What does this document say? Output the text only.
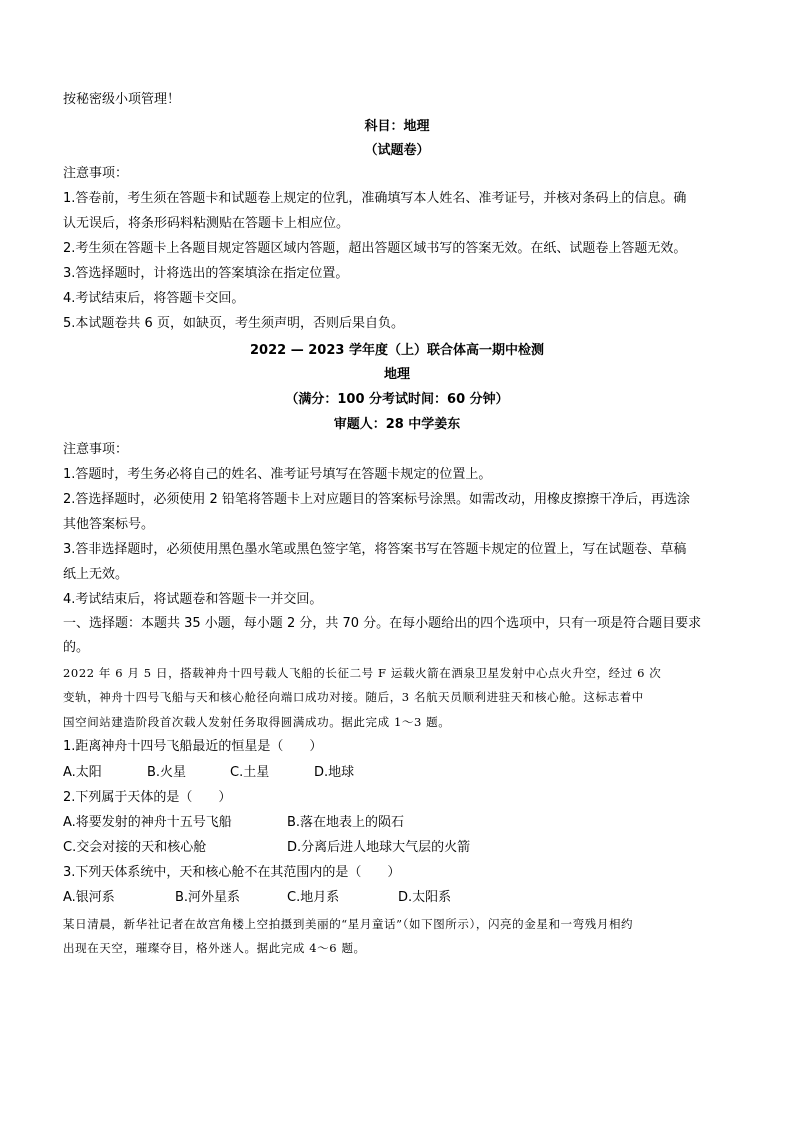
按秘密级小项管理！
科目：地理
（试题卷）
注意事项：
1.答卷前，考生须在答题卡和试题卷上规定的位乳，准确填写本人姓名、准考证号，并核对条码上的信息。确
认无误后，将条形码料粘测贴在答题卡上相应位。
2.考生须在答题卡上各题目规定答题区域内答题，超出答题区域书写的答案无效。在纸、试题卷上答题无效。
3.答选择题时，计将选出的答案填涂在指定位置。
4.考试结束后，将答题卡交回。
5.本试题卷共 6 页，如缺页，考生须声明，否则后果自负。
2022 — 2023 学年度（上）联合体高一期中检测
地理
（满分：100 分考试时间：60 分钟）
审题人：28 中学姜东
注意事项：
1.答题时，考生务必将自己的姓名、准考证号填写在答题卡规定的位置上。
2.答选择题时，必须使用 2 铅笔将答题卡上对应题目的答案标号涂黑。如需改动，用橡皮擦擦干净后，再选涂
其他答案标号。
3.答非选择题时，必须使用黑色墨水笔或黑色签字笔，将答案书写在答题卡规定的位置上，写在试题卷、草稿
纸上无效。
4.考试结束后，将试题卷和答题卡一并交回。
一、选择题：本题共 35 小题，每小题 2 分，共 70 分。在每小题给出的四个选项中，只有一项是符合题目要求
的。
2022 年 6 月 5 日，搭载神舟十四号载人飞船的长征二号 F 运载火箭在酒泉卫星发射中心点火升空，经过 6 次
变轨，神舟十四号飞船与天和核心舱径向端口成功对接。随后，3 名航天员顺利进驻天和核心舱。这标志着中
国空间站建造阶段首次载人发射任务取得圆满成功。据此完成 1～3 题。
1.距离神舟十四号飞船最近的恒星是（　　）
A.太阳	B.火星	C.土星	D.地球
2.下列属于天体的是（　　）
A.将要发射的神舟十五号飞船	B.落在地表上的陨石
C.交会对接的天和核心舱	D.分离后进人地球大气层的火箭
3.下列天体系统中，天和核心舱不在其范围内的是（　　）
A.银河系	B.河外星系	C.地月系	D.太阳系
某日清晨，新华社记者在故宫角楼上空拍摄到美丽的“星月童话”（如下图所示），闪亮的金星和一弯残月相约
出现在天空，璀璨夺目，格外迷人。据此完成 4～6 题。
